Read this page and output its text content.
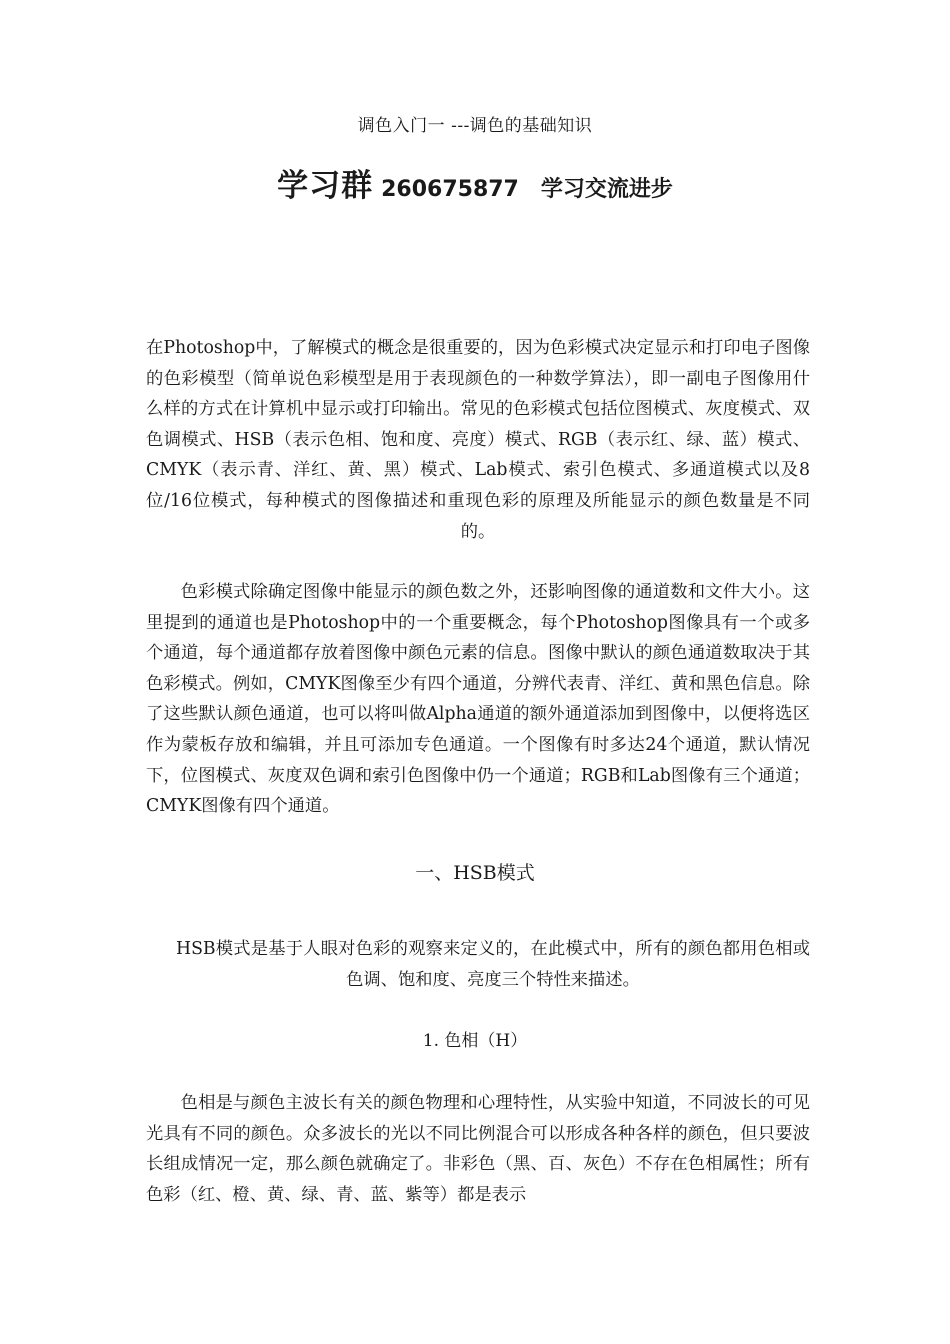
调色入门一 ---调色的基础知识
学习群 260675877 学习交流进步

在Photoshop中，了解模式的概念是很重要的，因为色彩模式决定显示和打印电子图像的色彩模型（简单说色彩模型是用于表现颜色的一种数学算法），即一副电子图像用什么样的方式在计算机中显示或打印输出。常见的色彩模式包括位图模式、灰度模式、双色调模式、HSB（表示色相、饱和度、亮度）模式、RGB（表示红、绿、蓝）模式、CMYK（表示青、洋红、黄、黑）模式、Lab模式、索引色模式、多通道模式以及8位/16位模式，每种模式的图像描述和重现色彩的原理及所能显示的颜色数量是不同的。

色彩模式除确定图像中能显示的颜色数之外，还影响图像的通道数和文件大小。这里提到的通道也是Photoshop中的一个重要概念，每个Photoshop图像具有一个或多个通道，每个通道都存放着图像中颜色元素的信息。图像中默认的颜色通道数取决于其色彩模式。例如，CMYK图像至少有四个通道，分辨代表青、洋红、黄和黑色信息。除了这些默认颜色通道，也可以将叫做Alpha通道的额外通道添加到图像中，以便将选区作为蒙板存放和编辑，并且可添加专色通道。一个图像有时多达24个通道，默认情况下，位图模式、灰度双色调和索引色图像中仍一个通道；RGB和Lab图像有三个通道；CMYK图像有四个通道。

一、HSB模式

HSB模式是基于人眼对色彩的观察来定义的，在此模式中，所有的颜色都用色相或色调、饱和度、亮度三个特性来描述。

1. 色相（H）

色相是与颜色主波长有关的颜色物理和心理特性，从实验中知道，不同波长的可见光具有不同的颜色。众多波长的光以不同比例混合可以形成各种各样的颜色，但只要波长组成情况一定，那么颜色就确定了。非彩色（黑、百、灰色）不存在色相属性；所有色彩（红、橙、黄、绿、青、蓝、紫等）都是表示
